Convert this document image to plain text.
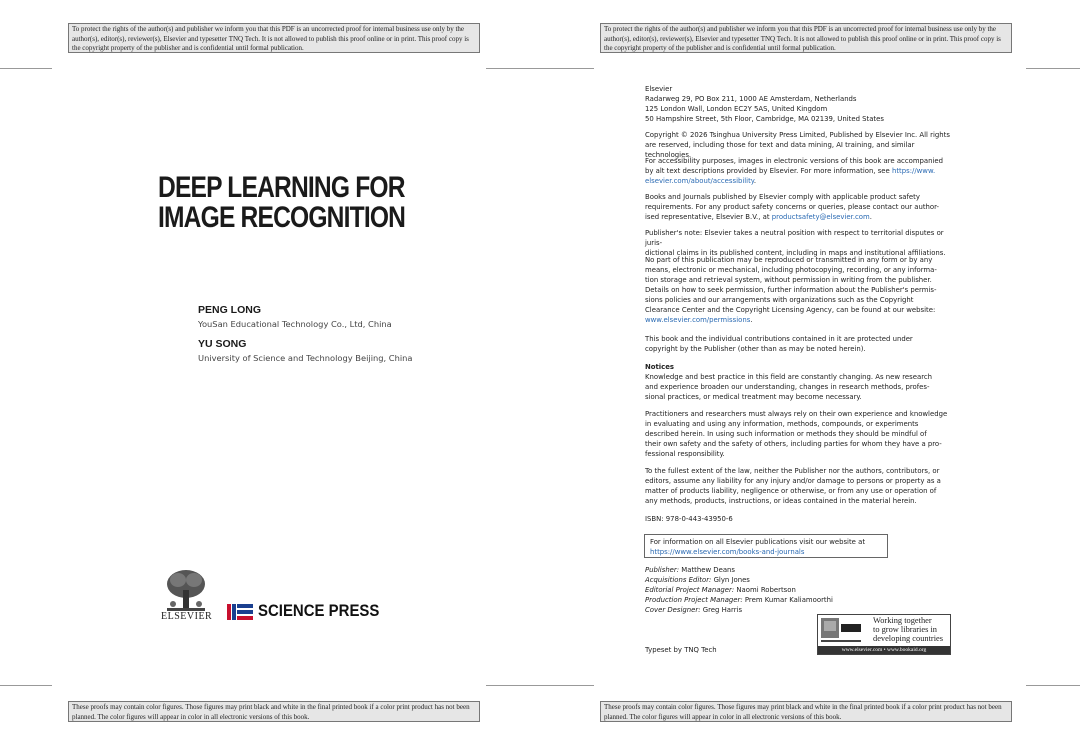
To protect the rights of the author(s) and publisher we inform you that this PDF is an uncorrected proof for internal business use only by the author(s), editor(s), reviewer(s), Elsevier and typesetter TNQ Tech. It is not allowed to publish this proof online or in print. This proof copy is the copyright property of the publisher and is confidential until formal publication.
DEEP LEARNING FOR
IMAGE RECOGNITION
PENG LONG
YouSan Educational Technology Co., Ltd, China
YU SONG
University of Science and Technology Beijing, China
ELSEVIER	SCIENCE PRESS
These proofs may contain color figures. Those figures may print black and white in the final printed book if a color print product has not been planned. The color figures will appear in color in all electronic versions of this book.
To protect the rights of the author(s) and publisher we inform you that this PDF is an uncorrected proof for internal business use only by the author(s), editor(s), reviewer(s), Elsevier and typesetter TNQ Tech. It is not allowed to publish this proof online or in print. This proof copy is the copyright property of the publisher and is confidential until formal publication.

Elsevier

Radarweg 29, PO Box 211, 1000 AE Amsterdam, Netherlands

125 London Wall, London EC2Y 5AS, United Kingdom

50 Hampshire Street, 5th Floor, Cambridge, MA 02139, United States

Copyright © 2026 Tsinghua University Press Limited, Published by Elsevier Inc. All rights

are reserved, including those for text and data mining, AI training, and similar technologies.

For accessibility purposes, images in electronic versions of this book are accompanied

by alt text descriptions provided by Elsevier. For more information, see https://www.

elsevier.com/about/accessibility.

Books and Journals published by Elsevier comply with applicable product safety

requirements. For any product safety concerns or queries, please contact our author-

ised representative, Elsevier B.V., at productsafety@elsevier.com.

Publisher's note: Elsevier takes a neutral position with respect to territorial disputes or juris-

dictional claims in its published content, including in maps and institutional affiliations.

No part of this publication may be reproduced or transmitted in any form or by any

means, electronic or mechanical, including photocopying, recording, or any informa-

tion storage and retrieval system, without permission in writing from the publisher.

Details on how to seek permission, further information about the Publisher's permis-

sions policies and our arrangements with organizations such as the Copyright

Clearance Center and the Copyright Licensing Agency, can be found at our website:

www.elsevier.com/permissions.

This book and the individual contributions contained in it are protected under

copyright by the Publisher (other than as may be noted herein).

Notices

Knowledge and best practice in this field are constantly changing. As new research

and experience broaden our understanding, changes in research methods, profes-

sional practices, or medical treatment may become necessary.

Practitioners and researchers must always rely on their own experience and knowledge

in evaluating and using any information, methods, compounds, or experiments

described herein. In using such information or methods they should be mindful of

their own safety and the safety of others, including parties for whom they have a pro-

fessional responsibility.

To the fullest extent of the law, neither the Publisher nor the authors, contributors, or

editors, assume any liability for any injury and/or damage to persons or property as a

matter of products liability, negligence or otherwise, or from any use or operation of

any methods, products, instructions, or ideas contained in the material herein.

ISBN: 978-0-443-43950-6
For information on all Elsevier publications visit our website at
https://www.elsevier.com/books-and-journals

Publisher: Matthew Deans

Acquisitions Editor: Glyn Jones

Editorial Project Manager: Naomi Robertson

Production Project Manager: Prem Kumar Kaliamoorthi

Cover Designer: Greg Harris

Typeset by TNQ Tech
Working together
to grow libraries in
developing countries
www.elsevier.com • www.bookaid.org
These proofs may contain color figures. Those figures may print black and white in the final printed book if a color print product has not been planned. The color figures will appear in color in all electronic versions of this book.
